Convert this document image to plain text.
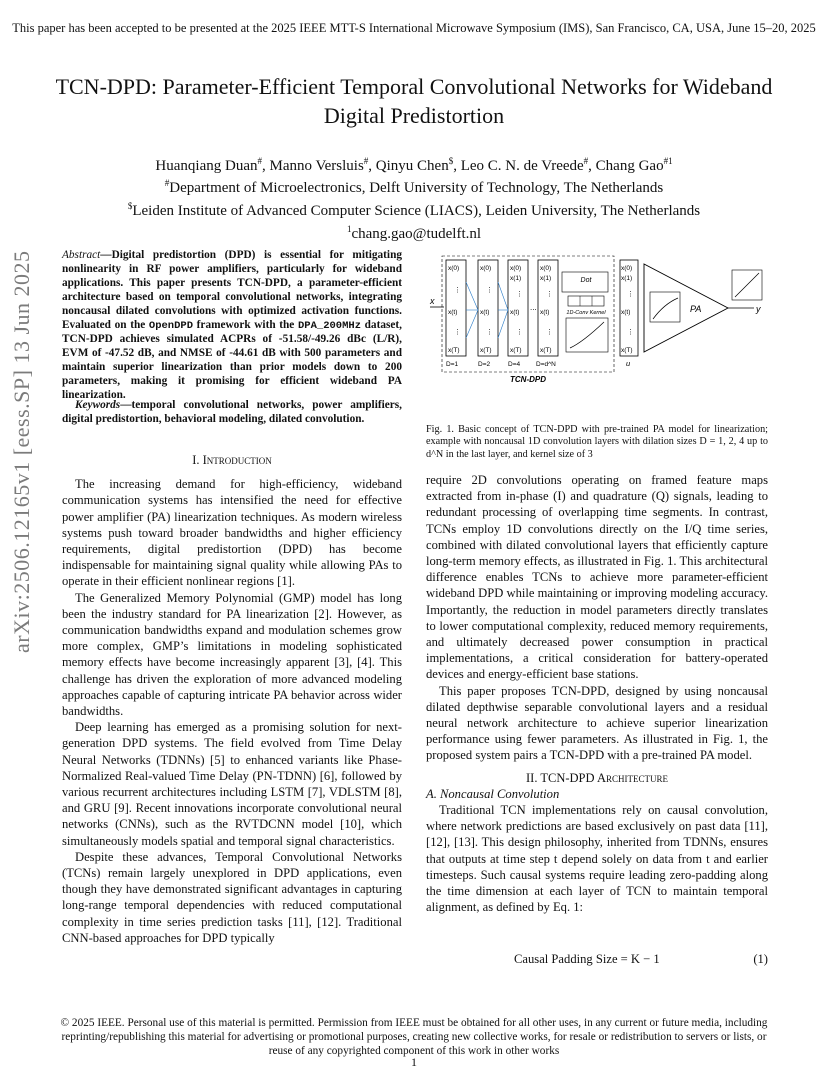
This paper has been accepted to be presented at the 2025 IEEE MTT-S International Microwave Symposium (IMS), San Francisco, CA, USA, June 15–20, 2025
TCN-DPD: Parameter-Efficient Temporal Convolutional Networks for Wideband Digital Predistortion
Huanqiang Duan#, Manno Versluis#, Qinyu Chen$, Leo C. N. de Vreede#, Chang Gao$^{\#1}$
#Department of Microelectronics, Delft University of Technology, The Netherlands
$Leiden Institute of Advanced Computer Science (LIACS), Leiden University, The Netherlands
$^1$chang.gao@tudelft.nl
arXiv:2506.12165v1 [eess.SP] 13 Jun 2025 Abstract—Digital predistortion (DPD) is essential for mitigating nonlinearity in RF power amplifiers, particularly for wideband applications. This paper presents TCN-DPD, a parameter-efficient architecture based on temporal convolutional networks, integrating noncausal dilated convolutions with optimized activation functions. Evaluated on the OpenDPD framework with the DPA_200MHz dataset, TCN-DPD achieves simulated ACPRs of -51.58/-49.26 dBc (L/R), EVM of -47.52 dB, and NMSE of -44.61 dB with 500 parameters and maintain superior linearization than prior models down to 200 parameters, making it promising for efficient wideband PA linearization.
Keywords—temporal convolutional networks, power amplifiers, digital predistortion, behavioral modeling, dilated convolution.
I. Introduction

The increasing demand for high-efficiency, wideband communication systems has intensified the need for effective power amplifier (PA) linearization techniques. As modern wireless systems push toward broader bandwidths and higher efficiency requirements, digital predistortion (DPD) has become indispensable for maintaining signal quality while allowing PAs to operate in their efficient nonlinear regions [1].

The Generalized Memory Polynomial (GMP) model has long been the industry standard for PA linearization [2]. However, as communication bandwidths expand and modulation schemes grow more complex, GMP’s limitations in modeling sophisticated memory effects have become increasingly apparent [3], [4]. This challenge has driven the exploration of more advanced modeling approaches capable of capturing intricate PA behavior across wider bandwidths.

Deep learning has emerged as a promising solution for next-generation DPD systems. The field evolved from Time Delay Neural Networks (TDNNs) [5] to enhanced variants like Phase-Normalized Real-valued Time Delay (PN-TDNN) [6], followed by various recurrent architectures including LSTM [7], VDLSTM [8], and GRU [9]. Recent innovations incorporate convolutional neural networks (CNNs), such as the RVTDCNN model [10], which simultaneously models spatial and temporal signal characteristics.

Despite these advances, Temporal Convolutional Networks (TCNs) remain largely unexplored in DPD applications, even though they have demonstrated significant advantages in capturing long-range temporal dependencies with reduced computational complexity in time series prediction tasks [11], [12]. Traditional CNN-based approaches for DPD typically

x
x(0)
⋮
x(t)
⋮
x(T)
D=1
x(0)
⋮
x(t)
⋮
x(T)
D=2
x(0)
x(1)
⋮
x(t)
⋮
x(T)
D=4
...
x(0)
x(1)
⋮
x(t)
⋮
x(T)
D=d^N
Dot
1D-Conv Kernel
x(0)
x(1)
⋮
x(t)
⋮
x(T)
u
PA	y
TCN-DPD
Fig. 1. Basic concept of TCN-DPD with pre-trained PA model for linearization; example with noncausal 1D convolution layers with dilation sizes D = 1, 2, 4 up to d^N in the last layer, and kernel size of 3

require 2D convolutions operating on framed feature maps extracted from in-phase (I) and quadrature (Q) signals, leading to redundant processing of overlapping time segments. In contrast, TCNs employ 1D convolutions directly on the I/Q time series, combined with dilated convolutional layers that efficiently capture long-term memory effects, as illustrated in Fig. 1. This architectural difference enables TCNs to achieve more parameter-efficient wideband DPD while maintaining or improving modeling accuracy. Importantly, the reduction in model parameters directly translates to lower computational complexity, reduced memory requirements, and ultimately decreased power consumption in practical implementations, a critical consideration for battery-operated devices and energy-efficient base stations.

This paper proposes TCN-DPD, designed by using noncausal dilated depthwise separable convolutional layers and a residual neural network architecture to achieve superior linearization performance using fewer parameters. As illustrated in Fig. 1, the proposed system pairs a TCN-DPD with a pre-trained PA model.

II. TCN-DPD Architecture
A. Noncausal Convolution

Traditional TCN implementations rely on causal convolution, where network predictions are based exclusively on past data [11], [12], [13]. This design philosophy, inherited from TDNNs, ensures that outputs at time step t depend solely on data from t and earlier timesteps. Such causal systems require leading zero-padding along the time dimension at each layer of TCN to maintain temporal alignment, as defined by Eq. 1:

Causal Padding Size = K − 1	(1)
© 2025 IEEE. Personal use of this material is permitted. Permission from IEEE must be obtained for all other uses, in any current or future media, including reprinting/republishing this material for advertising or promotional purposes, creating new collective works, for resale or redistribution to servers or lists, or reuse of any copyrighted component of this work in other works
1
